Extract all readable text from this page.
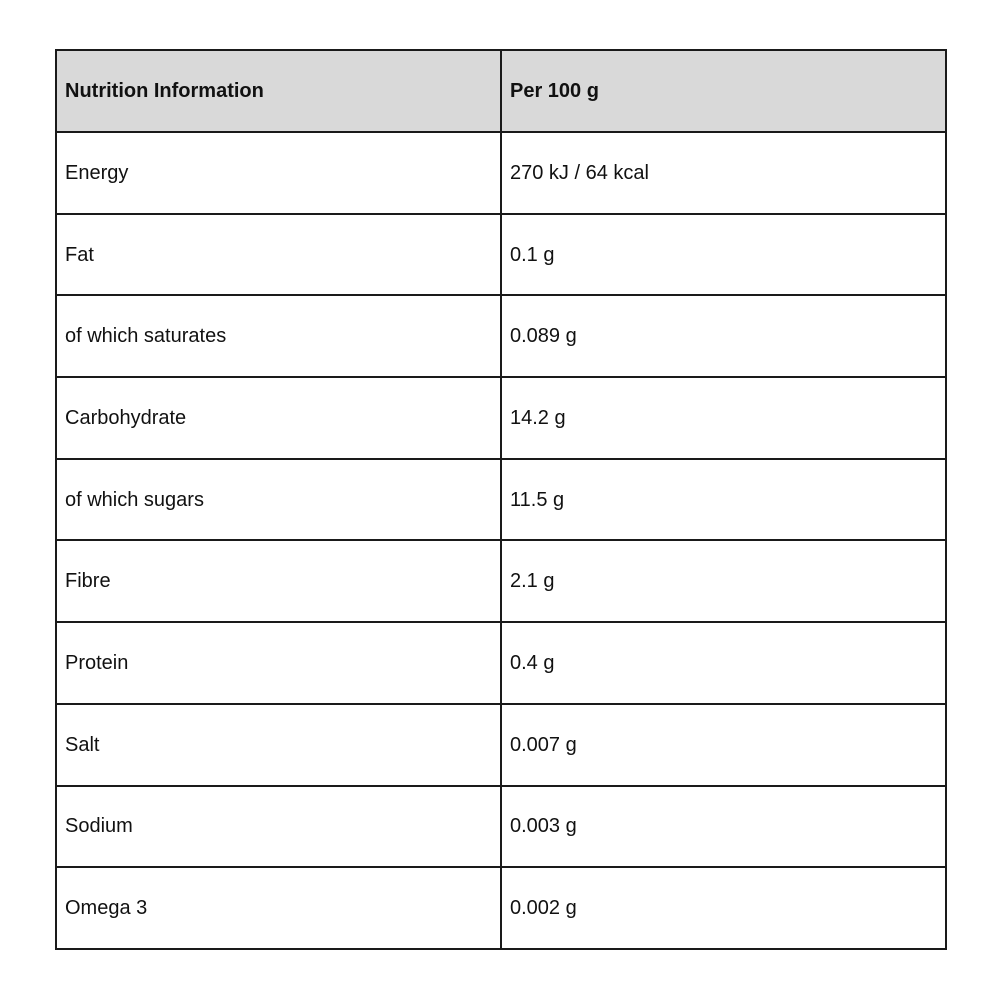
Nutrition Information	Per 100 g
Energy	270 kJ / 64 kcal
Fat	0.1 g
of which saturates	0.089 g
Carbohydrate	14.2 g
of which sugars	11.5 g
Fibre	2.1 g
Protein	0.4 g
Salt	0.007 g
Sodium	0.003 g
Omega 3	0.002 g
